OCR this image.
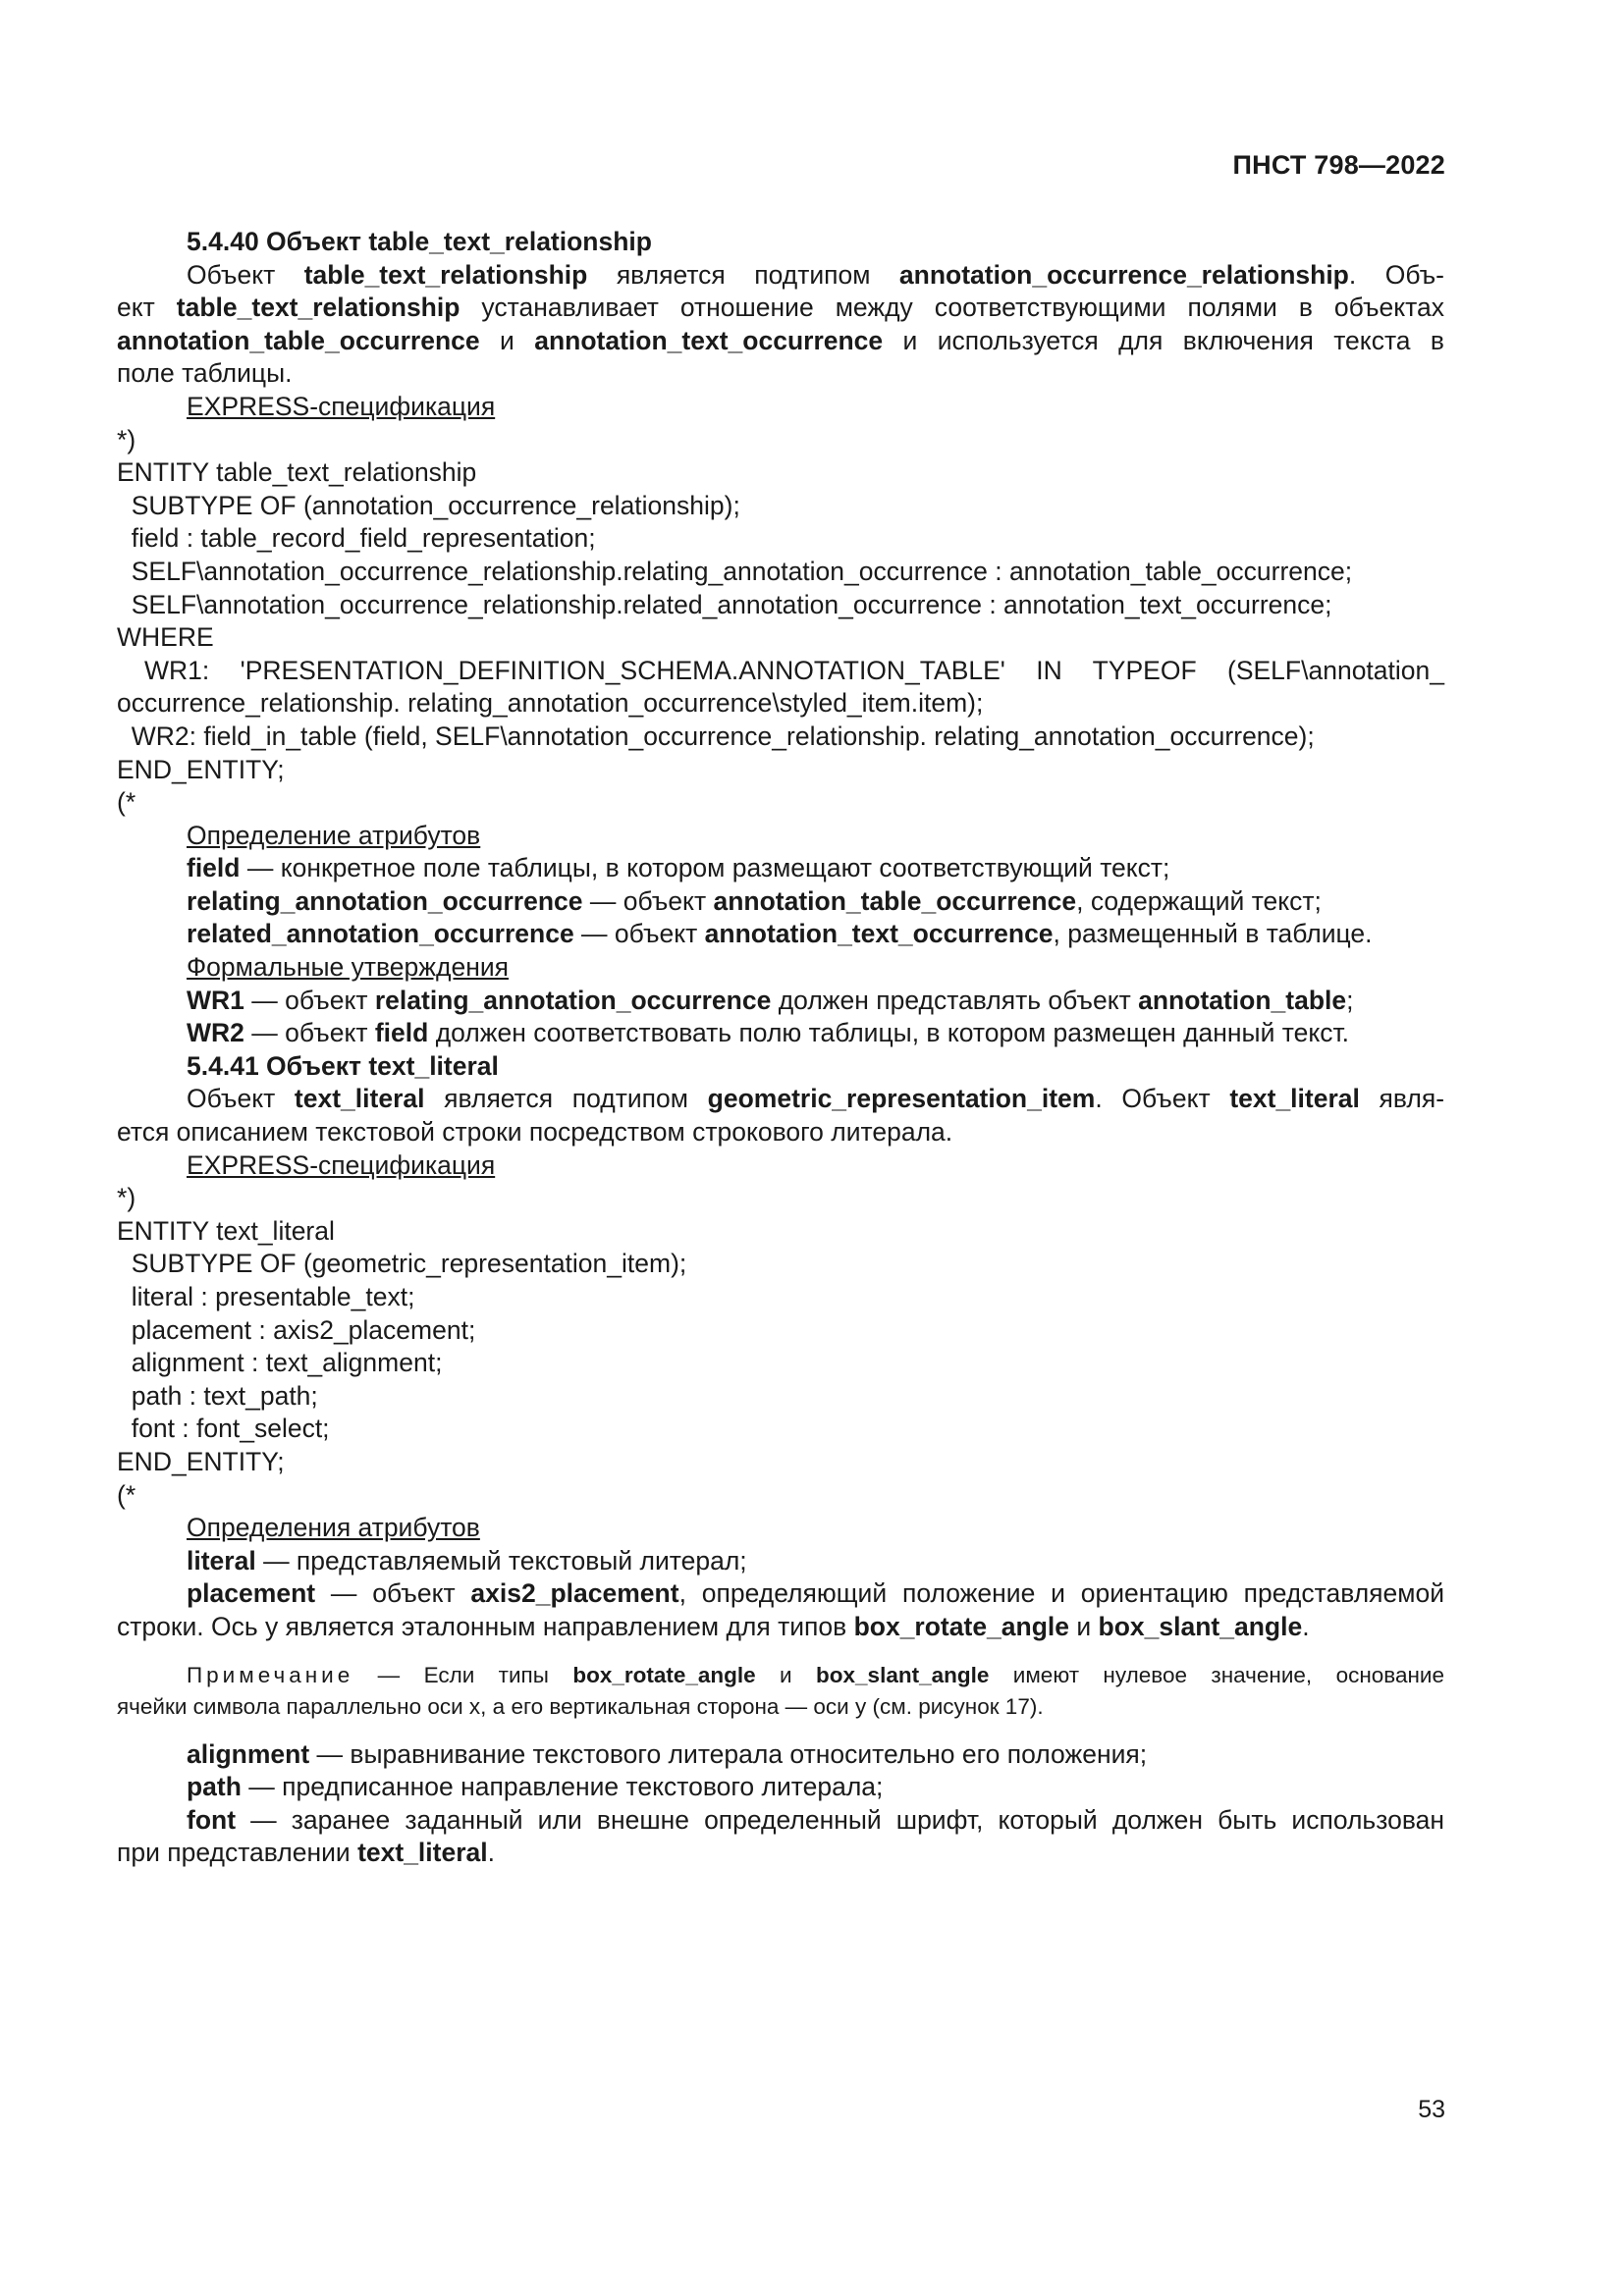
ПНСТ 798—2022

5.4.40 Объект table_text_relationship

Объект table_text_relationship является подтипом annotation_occurrence_relationship. Объ-

ект table_text_relationship устанавливает отношение между соответствующими полями в объектах

annotation_table_occurrence и annotation_text_occurrence и используется для включения текста в

поле таблицы.

EXPRESS-спецификация

*)

ENTITY table_text_relationship

SUBTYPE OF (annotation_occurrence_relationship);

field : table_record_field_representation;

SELF\annotation_occurrence_relationship.relating_annotation_occurrence : annotation_table_occurrence;

SELF\annotation_occurrence_relationship.related_annotation_occurrence : annotation_text_occurrence;

WHERE

WR1: 'PRESENTATION_DEFINITION_SCHEMA.ANNOTATION_TABLE' IN TYPEOF (SELF\annotation_

occurrence_relationship. relating_annotation_occurrence\styled_item.item);

WR2: field_in_table (field, SELF\annotation_occurrence_relationship. relating_annotation_occurrence);

END_ENTITY;

(*

Определение атрибутов

field — конкретное поле таблицы, в котором размещают соответствующий текст;

relating_annotation_occurrence — объект annotation_table_occurrence, содержащий текст;

related_annotation_occurrence — объект annotation_text_occurrence, размещенный в таблице.

Формальные утверждения

WR1 — объект relating_annotation_occurrence должен представлять объект annotation_table;

WR2 — объект field должен соответствовать полю таблицы, в котором размещен данный текст.

5.4.41 Объект text_literal

Объект text_literal является подтипом geometric_representation_item. Объект text_literal явля-

ется описанием текстовой строки посредством строкового литерала.

EXPRESS-спецификация

*)

ENTITY text_literal

SUBTYPE OF (geometric_representation_item);

literal : presentable_text;

placement : axis2_placement;

alignment : text_alignment;

path : text_path;

font : font_select;

END_ENTITY;

(*

Определения атрибутов

literal — представляемый текстовый литерал;

placement — объект axis2_placement, определяющий положение и ориентацию представляемой

строки. Ось y является эталонным направлением для типов box_rotate_angle и box_slant_angle.

Примечание — Если типы box_rotate_angle и box_slant_angle имеют нулевое значение, основание

ячейки символа параллельно оси x, а его вертикальная сторона — оси y (см. рисунок 17).

alignment — выравнивание текстового литерала относительно его положения;

path — предписанное направление текстового литерала;

font — заранее заданный или внешне определенный шрифт, который должен быть использован

при представлении text_literal.

53
